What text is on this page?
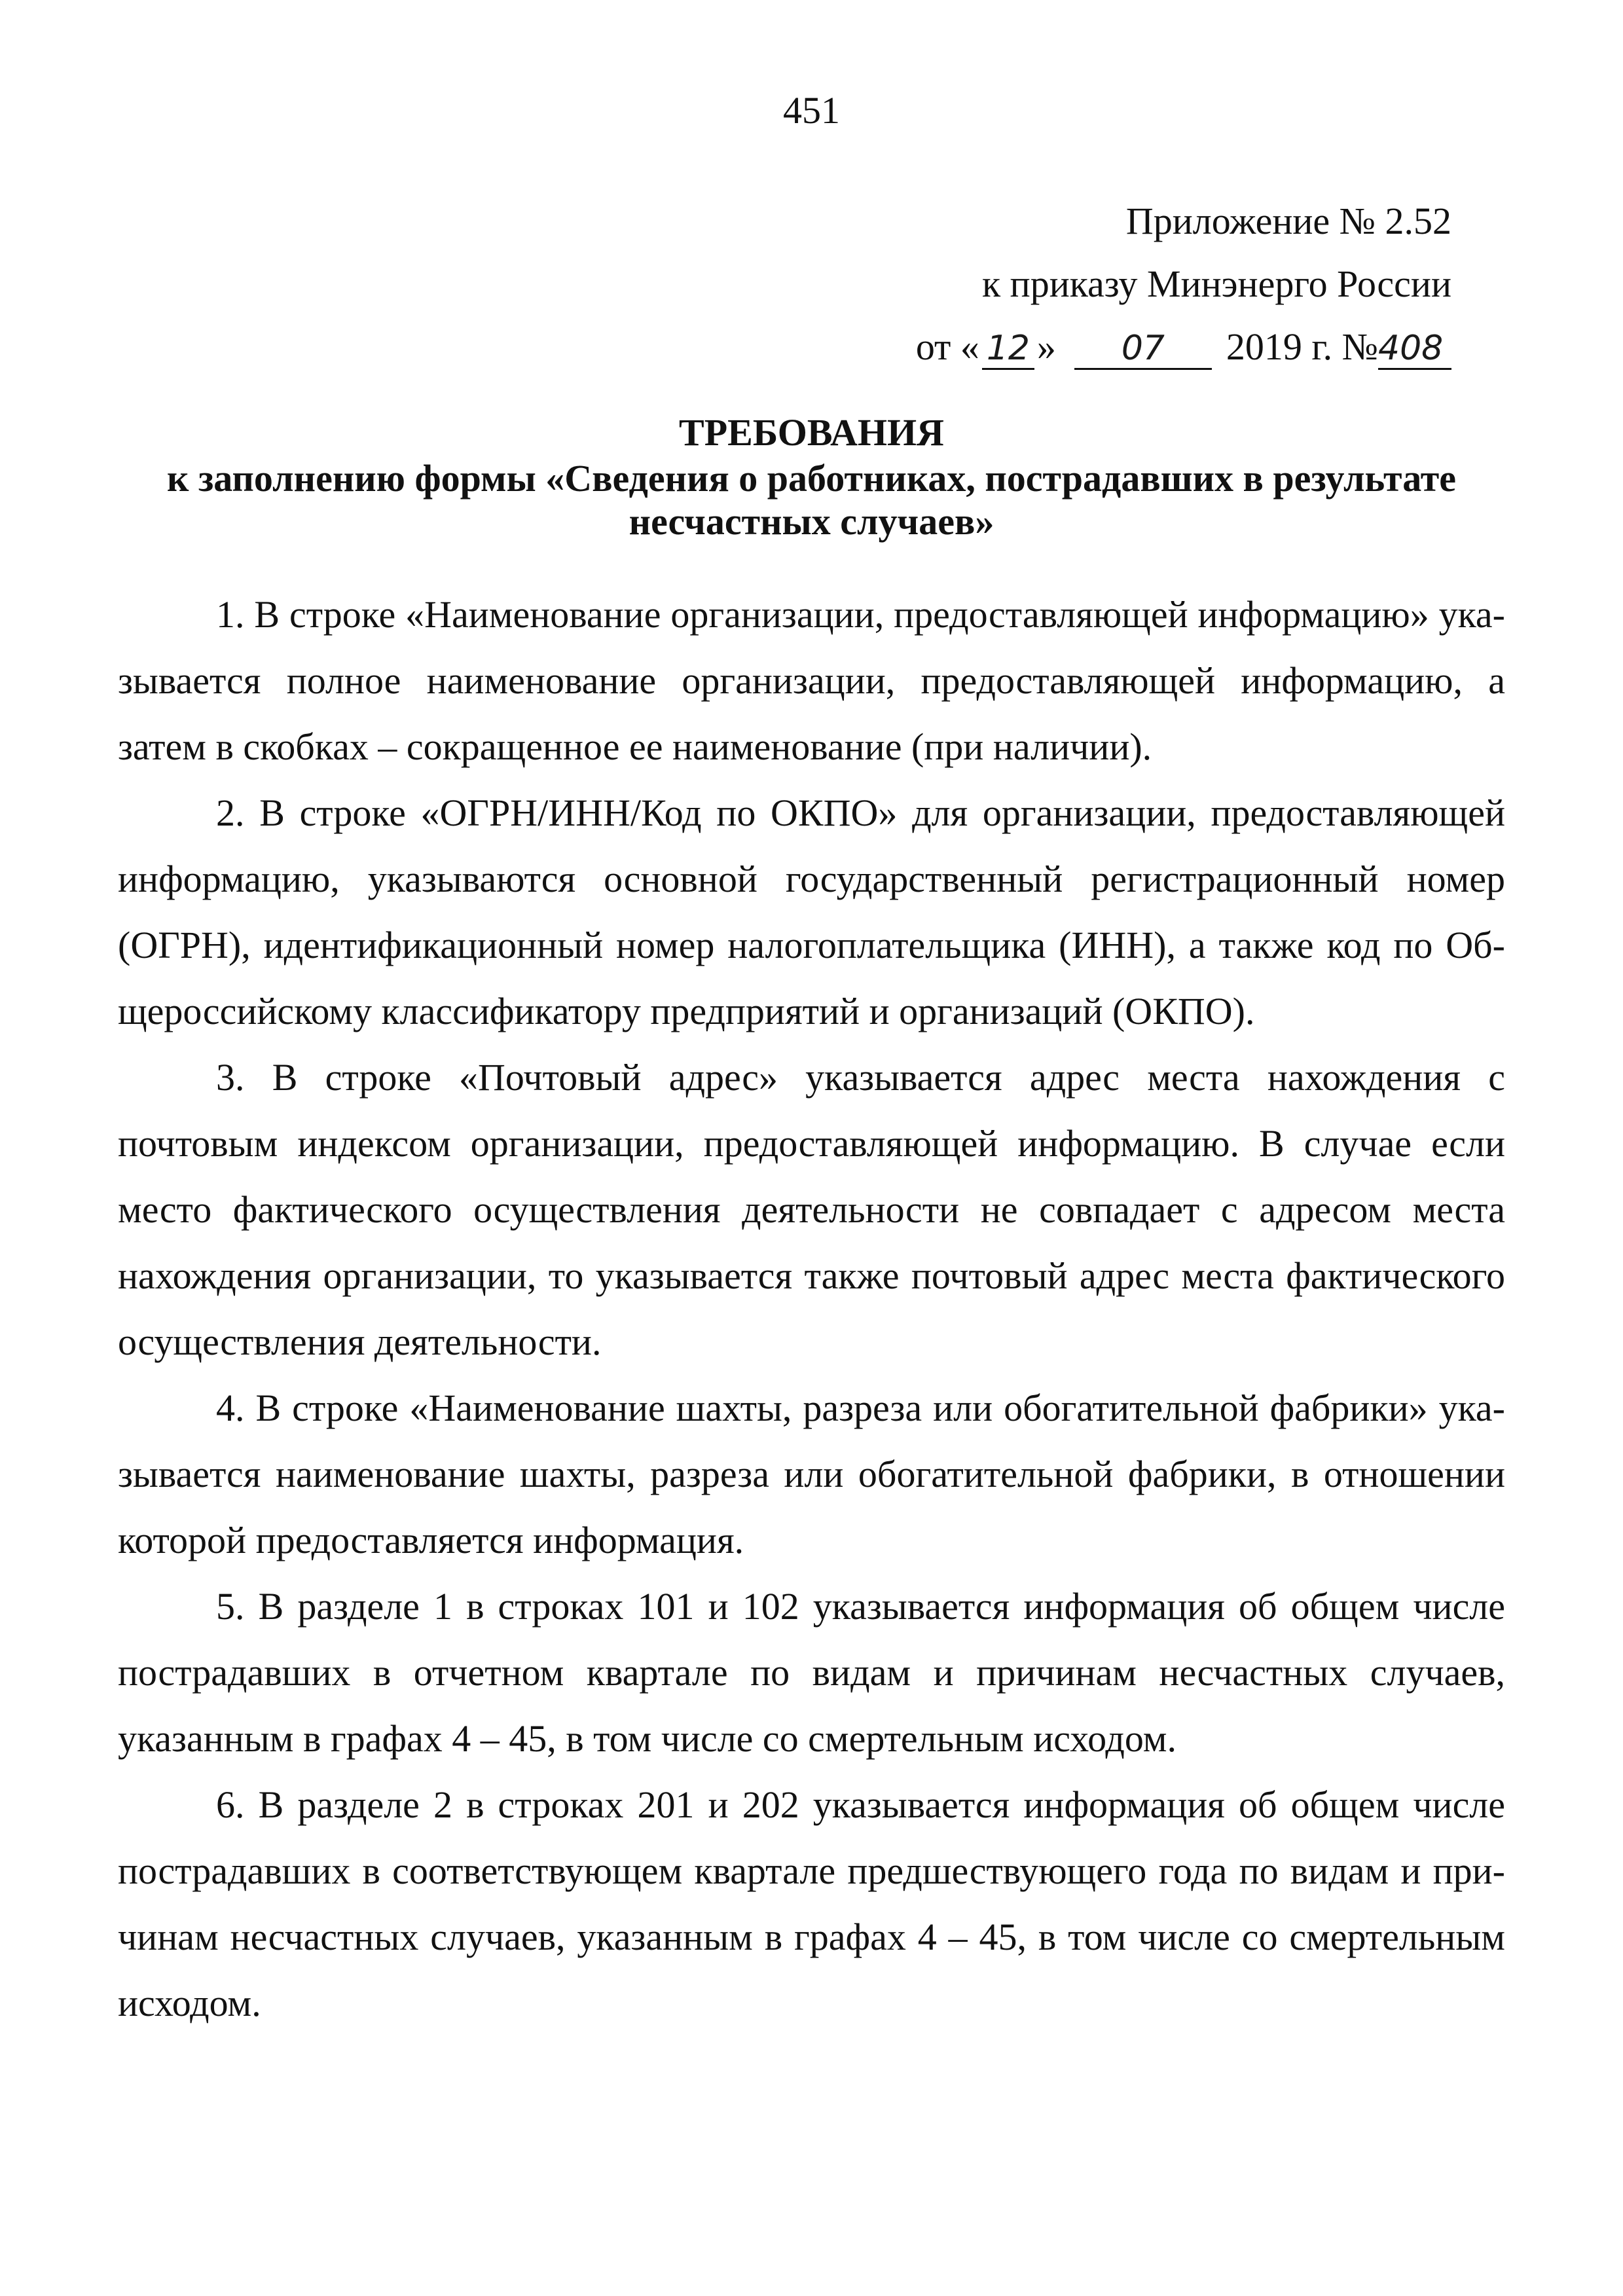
451
Приложение № 2.52
к приказу Минэнерго России
от « 12 » 07 2019 г. №408
ТРЕБОВАНИЯ
к заполнению формы «Сведения о работниках, пострадавших в результате несчастных случаев»

1. В строке «Наименование организации, предоставляющей информацию» указывается полное наименование организации, предоставляющей информацию, а затем в скобках – сокращенное ее наименование (при наличии).

2. В строке «ОГРН/ИНН/Код по ОКПО» для организации, предоставляющей информацию, указываются основной государственный регистрационный номер (ОГРН), идентификационный номер налогоплательщика (ИНН), а также код по Общероссийскому классификатору предприятий и организаций (ОКПО).

3. В строке «Почтовый адрес» указывается адрес места нахождения с почтовым индексом организации, предоставляющей информацию. В случае если место фактического осуществления деятельности не совпадает с адресом места нахождения организации, то указывается также почтовый адрес места фактического осуществления деятельности.

4. В строке «Наименование шахты, разреза или обогатительной фабрики» указывается наименование шахты, разреза или обогатительной фабрики, в отношении которой предоставляется информация.

5. В разделе 1 в строках 101 и 102 указывается информация об общем числе пострадавших в отчетном квартале по видам и причинам несчастных случаев, указанным в графах 4 – 45, в том числе со смертельным исходом.

6. В разделе 2 в строках 201 и 202 указывается информация об общем числе пострадавших в соответствующем квартале предшествующего года по видам и причинам несчастных случаев, указанным в графах 4 – 45, в том числе со смертельным исходом.
